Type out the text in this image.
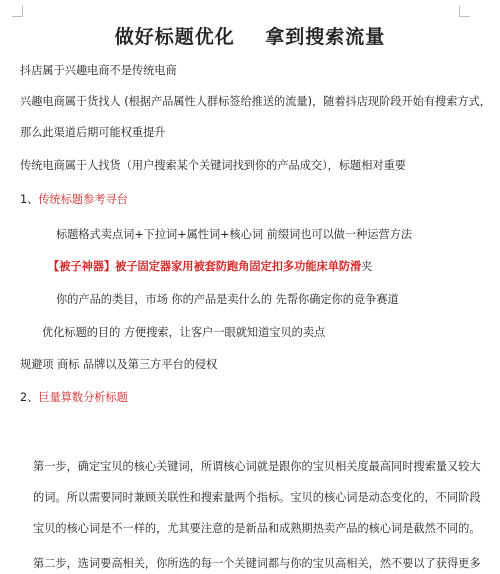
做好标题优化    拿到搜索流量
抖店属于兴趣电商不是传统电商
兴趣电商属于货找人 (根据产品属性人群标签给推送的流量)，随着抖店现阶段开始有搜索方式，
那么此渠道后期可能权重提升
传统电商属于人找货（用户搜索某个关键词找到你的产品成交），标题相对重要
1、传统标题参考寻台
标题格式卖点词+下拉词+属性词+核心词 前缀词也可以做一种运营方法
【被子神器】被子固定器家用被套防跑角固定扣多功能床单防滑夹
你的产品的类目，市场 你的产品是卖什么的 先帮你确定你的竞争赛道
优化标题的目的 方便搜索，让客户一眼就知道宝贝的卖点
规避项 商标 品牌以及第三方平台的侵权
2、巨量算数分析标题
第一步，确定宝贝的核心关键词，所谓核心词就是跟你的宝贝相关度最高同时搜索量又较大
的词。所以需要同时兼顾关联性和搜索量两个指标。宝贝的核心词是动态变化的，不同阶段
宝贝的核心词是不一样的，尤其要注意的是新品和成熟期热卖产品的核心词是截然不同的。
第二步，选词要高相关，你所选的每一个关键词都与你的宝贝高相关，然不要以了获得更多
